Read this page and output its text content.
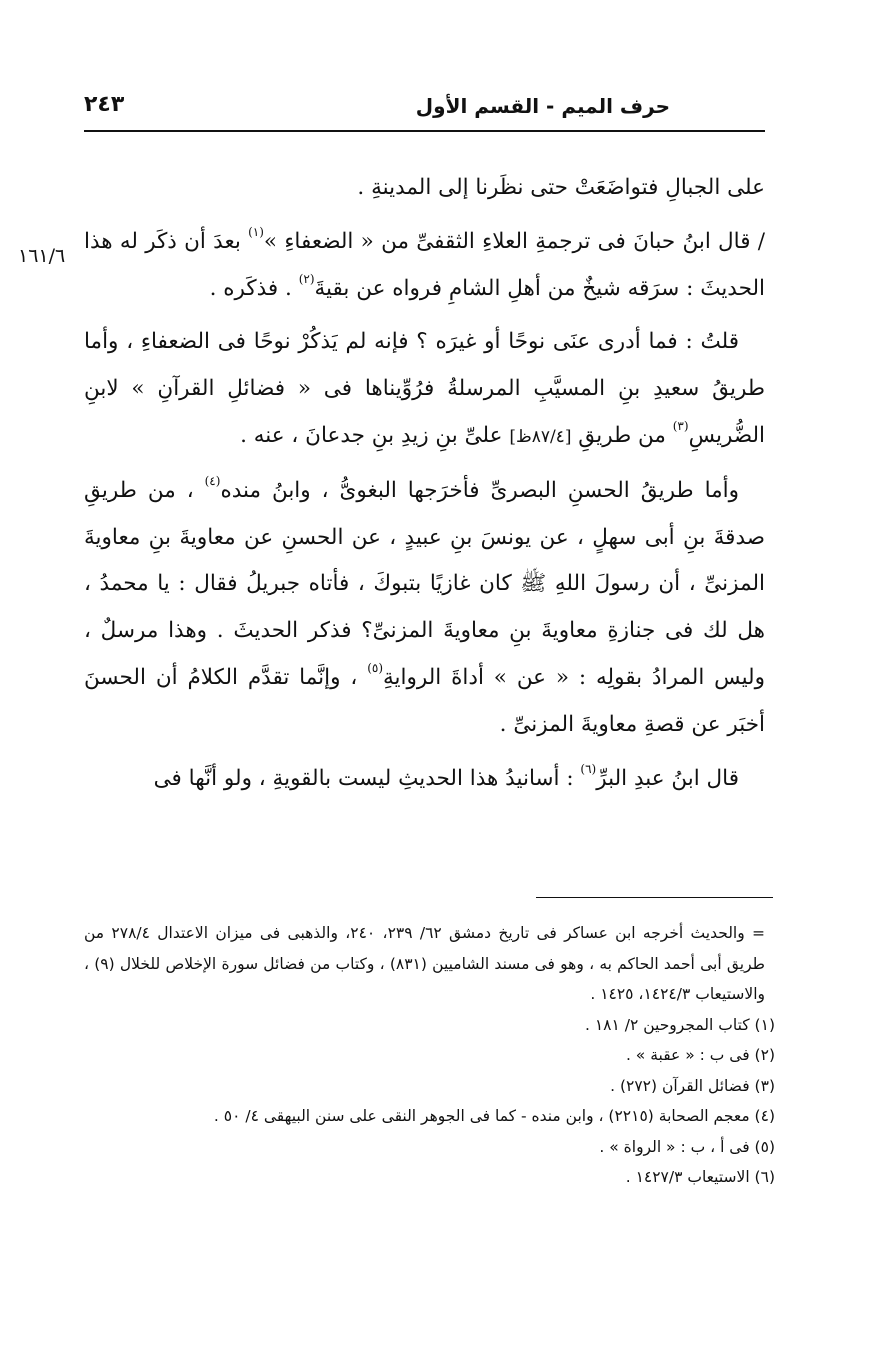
حرف الميم - القسم الأول
٢٤٣
١٦١/٦

على الجبالِ فتواضَعَتْ حتى نظَرنا إلى المدينةِ .

/ قال ابنُ حبانَ فى ترجمةِ العلاءِ الثقفىِّ من « الضعفاءِ »$^{(١)}$ بعدَ أن ذكَر له هذا الحديثَ : سرَقه شيخٌ من أهلِ الشامِ فرواه عن بقيةَ$^{(٢)}$ . فذكَره .

قلتُ : فما أدرى عنَى نوحًا أو غيرَه ؟ فإنه لم يَذكُرْ نوحًا فى الضعفاءِ ، وأما طريقُ سعيدِ بنِ المسيَّبِ المرسلةُ فرُوِّيناها فى « فضائلِ القرآنِ » لابنِ الضُّريسِ$^{(٣)}$ من طريقِ [٨٧/٤ظ] علىِّ بنِ زيدِ بنِ جدعانَ ، عنه .

وأما طريقُ الحسنِ البصرىِّ فأخرَجها البغوىُّ ، وابنُ منده$^{(٤)}$ ، من طريقِ صدقةَ بنِ أبى سهلٍ ، عن يونسَ بنِ عبيدٍ ، عن الحسنِ عن معاويةَ بنِ معاويةَ المزنىِّ ، أن رسولَ اللهِ ﷺ كان غازيًا بتبوكَ ، فأتاه جبريلُ فقال : يا محمدُ ، هل لك فى جنازةِ معاويةَ بنِ معاويةَ المزنىِّ؟ فذكر الحديثَ . وهذا مرسلٌ ، وليس المرادُ بقولِه : « عن » أداةَ الروايةِ$^{(٥)}$ ، وإنَّما تقدَّم الكلامُ أن الحسنَ أخبَر عن قصةِ معاويةَ المزنىِّ .

قال ابنُ عبدِ البرِّ$^{(٦)}$ : أسانيدُ هذا الحديثِ ليست بالقويةِ ، ولو أنَّها فى

= والحديث أخرجه ابن عساكر فى تاريخ دمشق ٦٢/ ٢٣٩، ٢٤٠، والذهبى فى ميزان الاعتدال ٢٧٨/٤ من طريق أبى أحمد الحاكم به ، وهو فى مسند الشاميين (٨٣١) ، وكتاب من فضائل سورة الإخلاص للخلال (٩) ، والاستيعاب ١٤٢٤/٣، ١٤٢٥ .

(١) كتاب المجروحين ٢/ ١٨١ .

(٢) فى ب : « عقبة » .

(٣) فضائل القرآن (٢٧٢) .

(٤) معجم الصحابة (٢٢١٥) ، وابن منده - كما فى الجوهر النقى على سنن البيهقى ٤/ ٥٠ .

(٥) فى أ ، ب : « الرواة » .

(٦) الاستيعاب ١٤٢٧/٣ .
